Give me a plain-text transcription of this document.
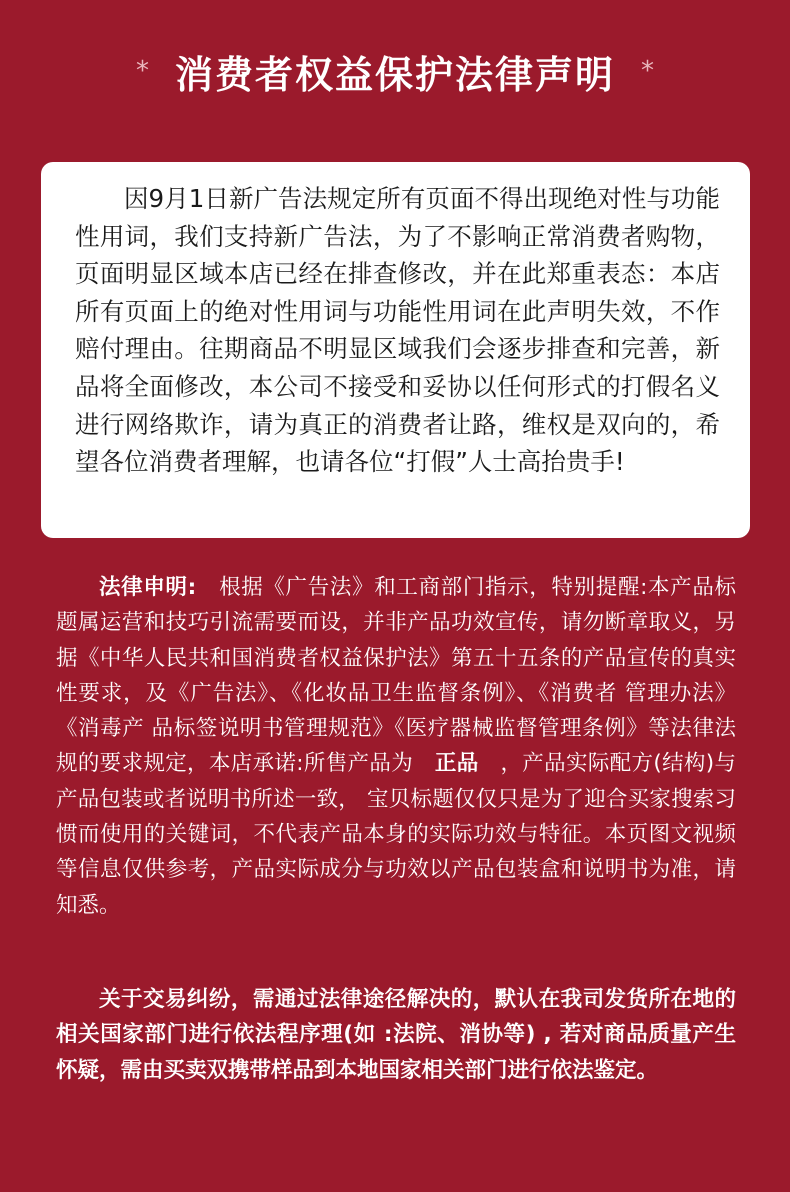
* 消费者权益保护法律声明 *

因9月1日新广告法规定所有页面不得出现绝对性与功能性用词，我们支持新广告法，为了不影响正常消费者购物，页面明显区域本店已经在排查修改，并在此郑重表态：本店所有页面上的绝对性用词与功能性用词在此声明失效，不作赔付理由。往期商品不明显区域我们会逐步排查和完善，新品将全面修改，本公司不接受和妥协以任何形式的打假名义进行网络欺诈，请为真正的消费者让路，维权是双向的，希望各位消费者理解，也请各位“打假”人士高抬贵手!

法律申明:　根据《广告法》和工商部门指示，特别提醒:本产品标题属运营和技巧引流需要而设，并非产品功效宣传，请勿断章取义，另据《中华人民共和国消费者权益保护法》第五十五条的产品宣传的真实性要求，及《广告法》、《化妆品卫生监督条例》、《消费者 管理办法》《消毒产 品标签说明书管理规范》《医疗器械监督管理条例》等法律法规的要求规定，本店承诺:所售产品为　正品　，产品实际配方(结构)与产品包装或者说明书所述一致， 宝贝标题仅仅只是为了迎合买家搜索习惯而使用的关键词，不代表产品本身的实际功效与特征。本页图文视频等信息仅供参考，产品实际成分与功效以产品包装盒和说明书为准，请知悉。

关于交易纠纷，需通过法律途径解决的，默认在我司发货所在地的相关国家部门进行依法程序理(如 :法院、消协等) , 若对商品质量产生怀疑，需由买卖双携带样品到本地国家相关部门进行依法鉴定。
